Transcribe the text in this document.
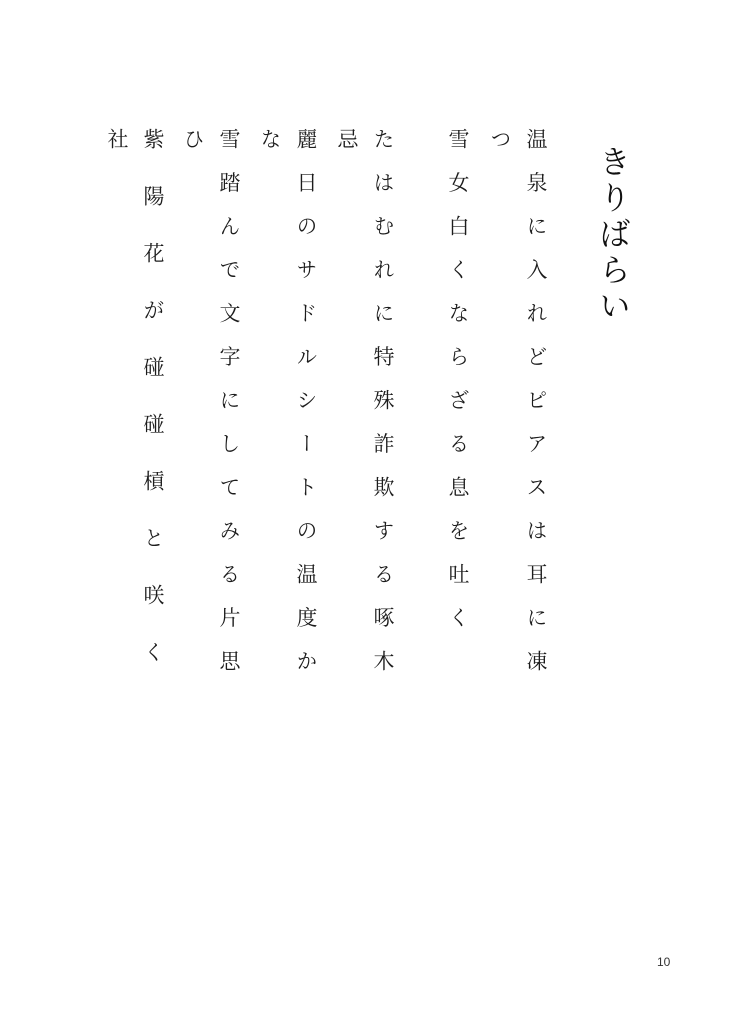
きりばらい
温泉に入れどピアスは耳に凍つ
雪女白くならざる息を吐く
たはむれに特殊詐欺する啄木忌
麗日のサドルシートの温度かな
雪踏んで文字にしてみる片思ひ
紫陽花が碰碰槓と咲く社
10
